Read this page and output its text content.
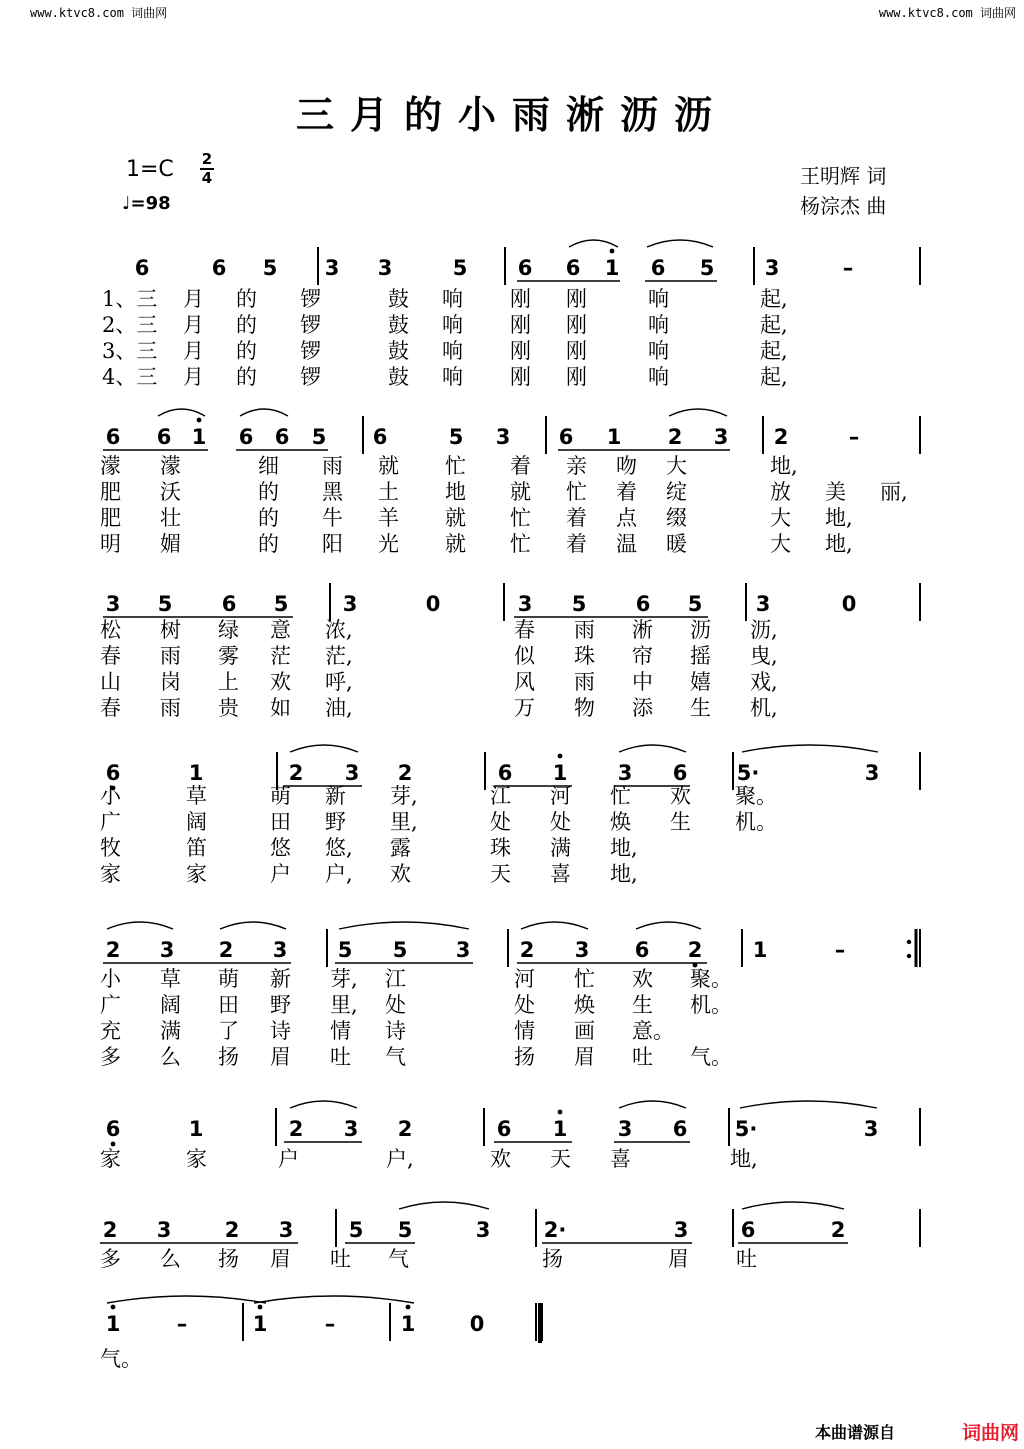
www.ktvc8.com 词曲网	www.ktvc8.com 词曲网
三月的小雨淅沥沥
1=C 2
4
♩=98
王明辉 词
杨淙杰 曲
6	6 5 3 3	5 6 6 1 6 5 3	–
1、三 月 的 锣	鼓 响 刚 刚	响	起,
2、三 月 的 锣	鼓 响 刚 刚	响	起,
3、三 月 的 锣	鼓 响 刚 刚	响	起,
4、三 月 的 锣	鼓 响 刚 刚	响	起,
6 6 1 6 6 5 6	5 3 6 1 2 3 2	–
濛 濛	细 雨 就 忙 着 亲 吻 大	地,
肥 沃	的 黑 土 地 就 忙 着 绽	放 美 丽,
肥 壮	的 牛 羊 就 忙 着 点 缀	大 地,
明 媚	的 阳 光 就 忙 着 温 暖	大 地,
3 5 6 5	3	0	3 5 6 5	3	0
松 树 绿 意 浓,	春 雨 淅 沥 沥,
春 雨 雾 茫 茫,	似 珠 帘 摇 曳,
山 岗 上 欢 呼,	风 雨 中 嬉 戏,
春 雨 贵 如 油,	万 物 添 生 机,
6	1	2 3 2	6 1 3 6 5·	3
小	草	萌 新 芽,	江 河 忙 欢 聚。
广	阔	田 野 里,	处 处 焕 生 机。
牧	笛	悠 悠, 露	珠 满 地,
家	家	户 户, 欢	天 喜 地,
2 3 2 3 5 5 3 2 3 6 2 1	–
小 草 萌 新 芽, 江	河 忙 欢 聚。
广 阔 田 野 里, 处	处 焕 生 机。
充 满 了 诗 情 诗	情 画 意。
多 么 扬 眉 吐 气	扬 眉 吐 气。
6	1	2 3 2	6 1 3 6 5·	3
家	家	户	户,	欢 天 喜	地,
2 3	2 3	5 5	3	2·	3 6	2
多 么 扬 眉 吐 气	扬	眉 吐
1	–	1	–	1	0
气。
本曲谱源自	词曲网
